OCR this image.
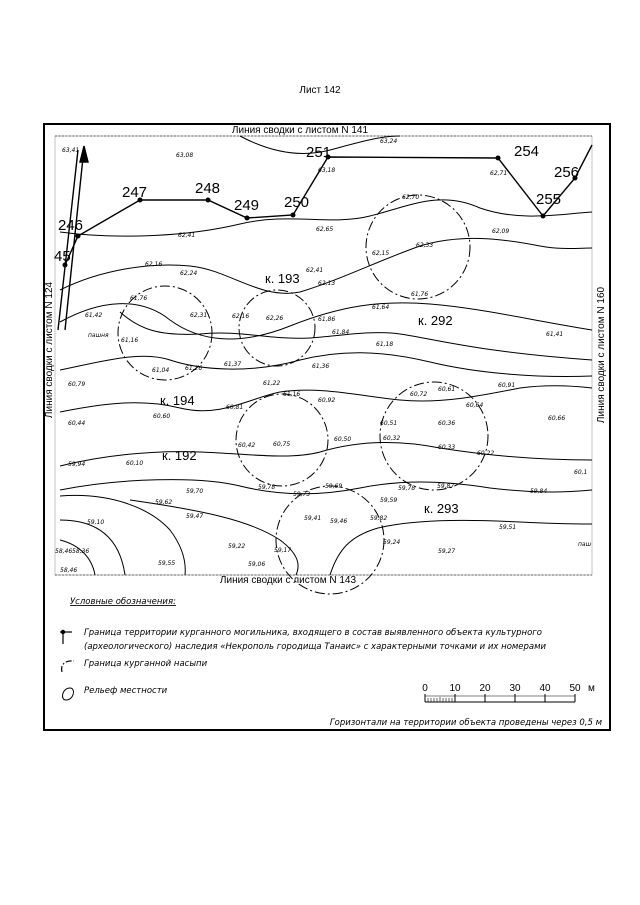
Лист 142
45
246
247	248
249 250
251	254
255
256
к. 193
к. 292
к. 194
к. 192
к. 293
63,41
63,08
63,24
63,18	62,71
62,70
62,65
62,41
62,09
62,15
62,33
62,16
62,24	62,41
62,13
61,76
61,64
61,42	62,31	62,16	62,26	61,86
61,84
61,76
61,41
61,16
61,18
61,04	61,26
61,37	61,36
61,22
61,16
60,92
60,72
60,61
60,91
60,79
60,81	60,64
60,60
60,44
60,66
60,42	60,75
60,50
60,51
60,32
60,36
60,33
60,22
60,10
59,94
60,1
59,78
59,73
59,69	59,78	59,87
59,59
59,84
59,70
59,62
59,47	59,41 59,46	59,82
59,10
59,51
59,24
59,22
59,27
59,17
59,06
59,55
58,36
58,46
58,46
пашня
паш
Линия сводки с листом N 141
Линия сводки с листом N 143
Линия сводки с листом N 124	Линия сводки с листом N 160
Условные обозначения:
Граница территории курганного могильника, входящего в состав выявленного объекта культурного
(археологического) наследия «Некрополь городища Танаис» с характерными точками и их номерами
Граница курганной насыпи
Рельеф местности	0 10 20 30 40 50 м
Горизонтали на территории объекта проведены через 0,5 м
